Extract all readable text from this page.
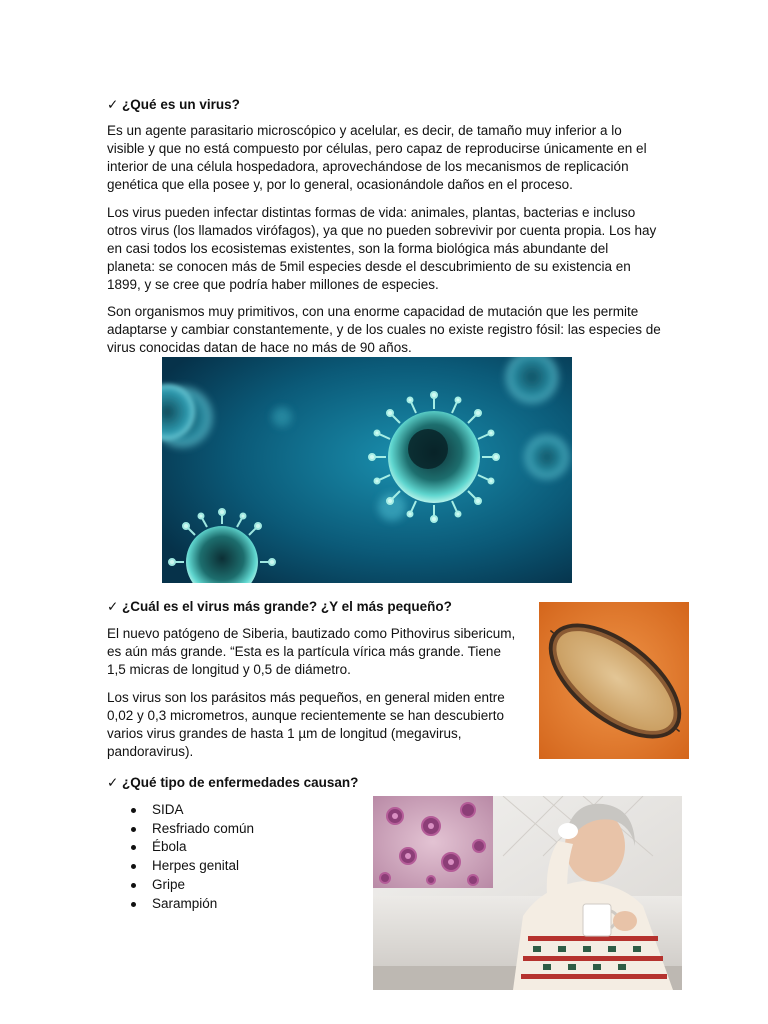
✓ ¿Qué es un virus?

Es un agente parasitario microscópico y acelular, es decir, de tamaño muy inferior a lo visible y que no está compuesto por células, pero capaz de reproducirse únicamente en el interior de una célula hospedadora, aprovechándose de los mecanismos de replicación genética que ella posee y, por lo general, ocasionándole daños en el proceso.

Los virus pueden infectar distintas formas de vida: animales, plantas, bacterias e incluso otros virus (los llamados virófagos), ya que no pueden sobrevivir por cuenta propia. Los hay en casi todos los ecosistemas existentes, son la forma biológica más abundante del planeta: se conocen más de 5mil especies desde el descubrimiento de su existencia en 1899, y se cree que podría haber millones de especies.

Son organismos muy primitivos, con una enorme capacidad de mutación que les permite adaptarse y cambiar constantemente, y de los cuales no existe registro fósil: las especies de virus conocidas datan de hace no más de 90 años.

✓ ¿Cuál es el virus más grande? ¿Y el más pequeño?

El nuevo patógeno de Siberia, bautizado como Pithovirus sibericum, es aún más grande. “Esta es la partícula vírica más grande. Tiene 1,5 micras de longitud y 0,5 de diámetro.

Los virus son los parásitos más pequeños, en general miden entre 0,02 y 0,3 micrometros, aunque recientemente se han descubierto varios virus grandes de hasta 1 µm de longitud (megavirus, pandoravirus).

✓ ¿Qué tipo de enfermedades causan?
SIDA
Resfriado común
Ébola
Herpes genital
Gripe
Sarampión
